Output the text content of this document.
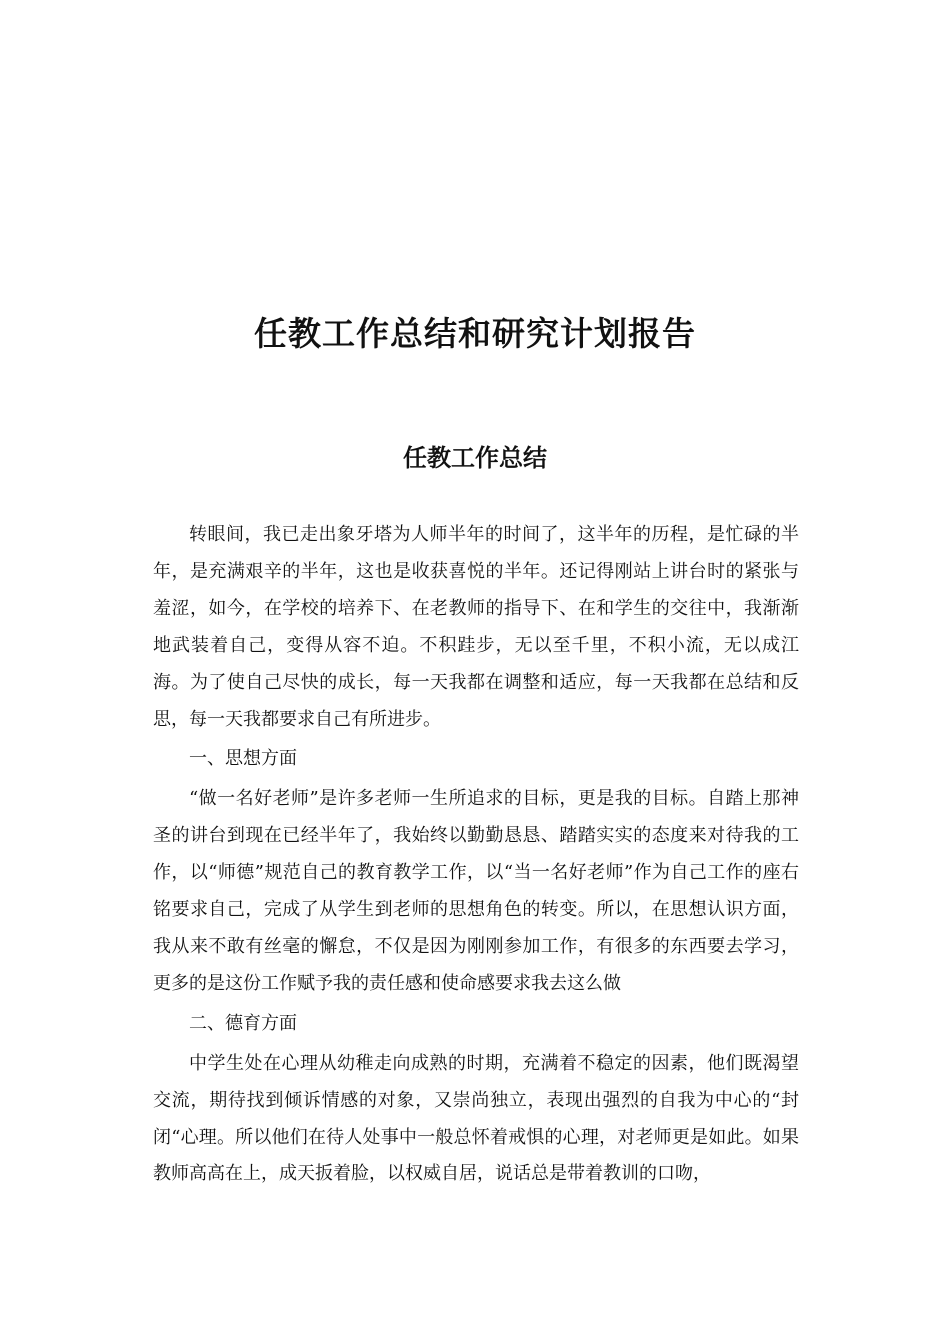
任教工作总结和研究计划报告
任教工作总结

转眼间，我已走出象牙塔为人师半年的时间了，这半年的历程，是忙碌的半年，是充满艰辛的半年，这也是收获喜悦的半年。还记得刚站上讲台时的紧张与羞涩，如今，在学校的培养下、在老教师的指导下、在和学生的交往中，我渐渐地武装着自己，变得从容不迫。不积跬步，无以至千里，不积小流，无以成江海。为了使自己尽快的成长，每一天我都在调整和适应，每一天我都在总结和反思，每一天我都要求自己有所进步。

一、思想方面

“做一名好老师”是许多老师一生所追求的目标，更是我的目标。自踏上那神圣的讲台到现在已经半年了，我始终以勤勤恳恳、踏踏实实的态度来对待我的工作，以“师德”规范自己的教育教学工作，以“当一名好老师”作为自己工作的座右铭要求自己，完成了从学生到老师的思想角色的转变。所以，在思想认识方面，我从来不敢有丝毫的懈怠，不仅是因为刚刚参加工作，有很多的东西要去学习，更多的是这份工作赋予我的责任感和使命感要求我去这么做

二、德育方面

中学生处在心理从幼稚走向成熟的时期，充满着不稳定的因素，他们既渴望交流，期待找到倾诉情感的对象，又崇尚独立，表现出强烈的自我为中心的“封闭“心理。所以他们在待人处事中一般总怀着戒惧的心理，对老师更是如此。如果教师高高在上，成天扳着脸，以权威自居，说话总是带着教训的口吻，
